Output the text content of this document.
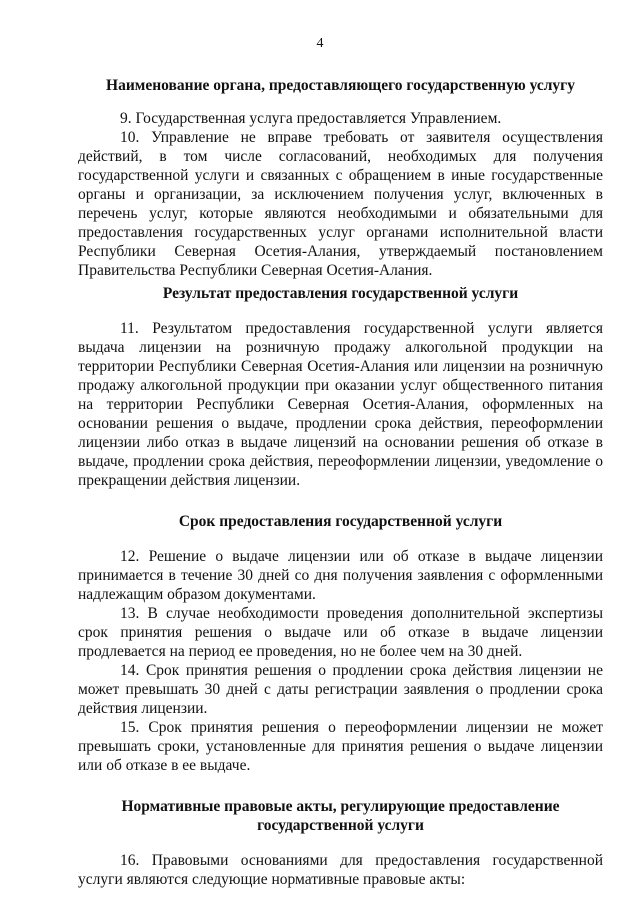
4
Наименование органа, предоставляющего государственную услугу
9. Государственная услуга предоставляется Управлением.
10. Управление не вправе требовать от заявителя осуществления действий, в том числе согласований, необходимых для получения государственной услуги и связанных с обращением в иные государственные органы и организации, за исключением получения услуг, включенных в перечень услуг, которые являются необходимыми и обязательными для предоставления государственных услуг органами исполнительной власти Республики Северная Осетия-Алания, утверждаемый постановлением Правительства Республики Северная Осетия-Алания.
Результат предоставления государственной услуги
11. Результатом предоставления государственной услуги является выдача лицензии на розничную продажу алкогольной продукции на территории Республики Северная Осетия-Алания или лицензии на розничную продажу алкогольной продукции при оказании услуг общественного питания на территории Республики Северная Осетия-Алания, оформленных на основании решения о выдаче, продлении срока действия, переоформлении лицензии либо отказ в выдаче лицензий на основании решения об отказе в выдаче, продлении срока действия, переоформлении лицензии, уведомление о прекращении действия лицензии.
Срок предоставления государственной услуги
12. Решение о выдаче лицензии или об отказе в выдаче лицензии принимается в течение 30 дней со дня получения заявления с оформленными надлежащим образом документами.
13. В случае необходимости проведения дополнительной экспертизы срок принятия решения о выдаче или об отказе в выдаче лицензии продлевается на период ее проведения, но не более чем на 30 дней.
14. Срок принятия решения о продлении срока действия лицензии не может превышать 30 дней с даты регистрации заявления о продлении срока действия лицензии.
15. Срок принятия решения о переоформлении лицензии не может превышать сроки, установленные для принятия решения о выдаче лицензии или об отказе в ее выдаче.
Нормативные правовые акты, регулирующие предоставление
государственной услуги
16. Правовыми основаниями для предоставления государственной услуги являются следующие нормативные правовые акты:
